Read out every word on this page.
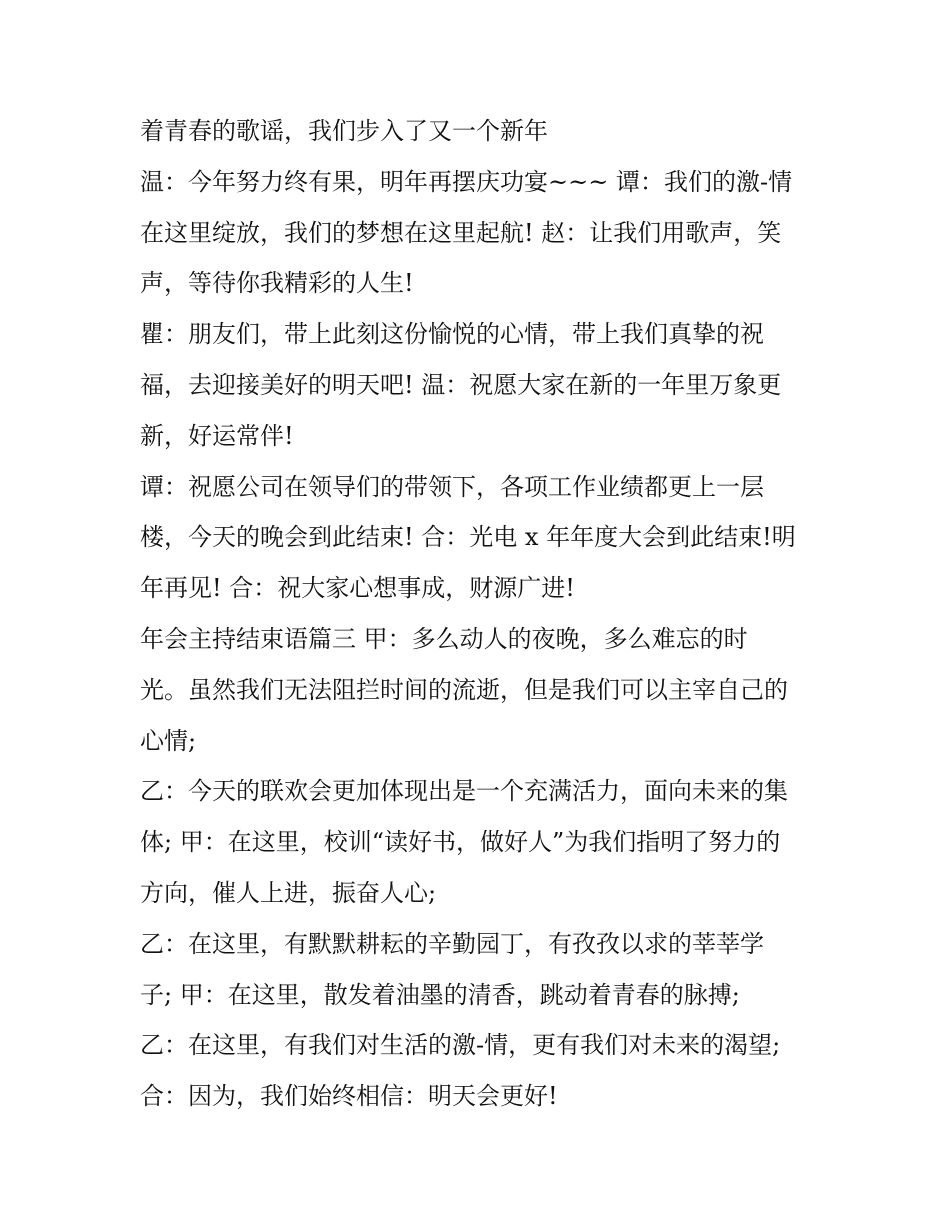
着青春的歌谣，我们步入了又一个新年
温：今年努力终有果，明年再摆庆功宴~~~ 谭：我们的激-情
在这里绽放，我们的梦想在这里起航! 赵：让我们用歌声，笑
声，等待你我精彩的人生!
瞿：朋友们，带上此刻这份愉悦的心情，带上我们真挚的祝
福，去迎接美好的明天吧! 温：祝愿大家在新的一年里万象更
新，好运常伴!
谭：祝愿公司在领导们的带领下，各项工作业绩都更上一层
楼，今天的晚会到此结束! 合：光电 x 年年度大会到此结束!明
年再见! 合：祝大家心想事成，财源广进!
年会主持结束语篇三 甲：多么动人的夜晚，多么难忘的时
光。虽然我们无法阻拦时间的流逝，但是我们可以主宰自己的
心情;
乙：今天的联欢会更加体现出是一个充满活力，面向未来的集
体; 甲：在这里，校训“读好书，做好人”为我们指明了努力的
方向，催人上进，振奋人心;
乙：在这里，有默默耕耘的辛勤园丁，有孜孜以求的莘莘学
子; 甲：在这里，散发着油墨的清香，跳动着青春的脉搏;
乙：在这里，有我们对生活的激-情，更有我们对未来的渴望;
合：因为，我们始终相信：明天会更好!
